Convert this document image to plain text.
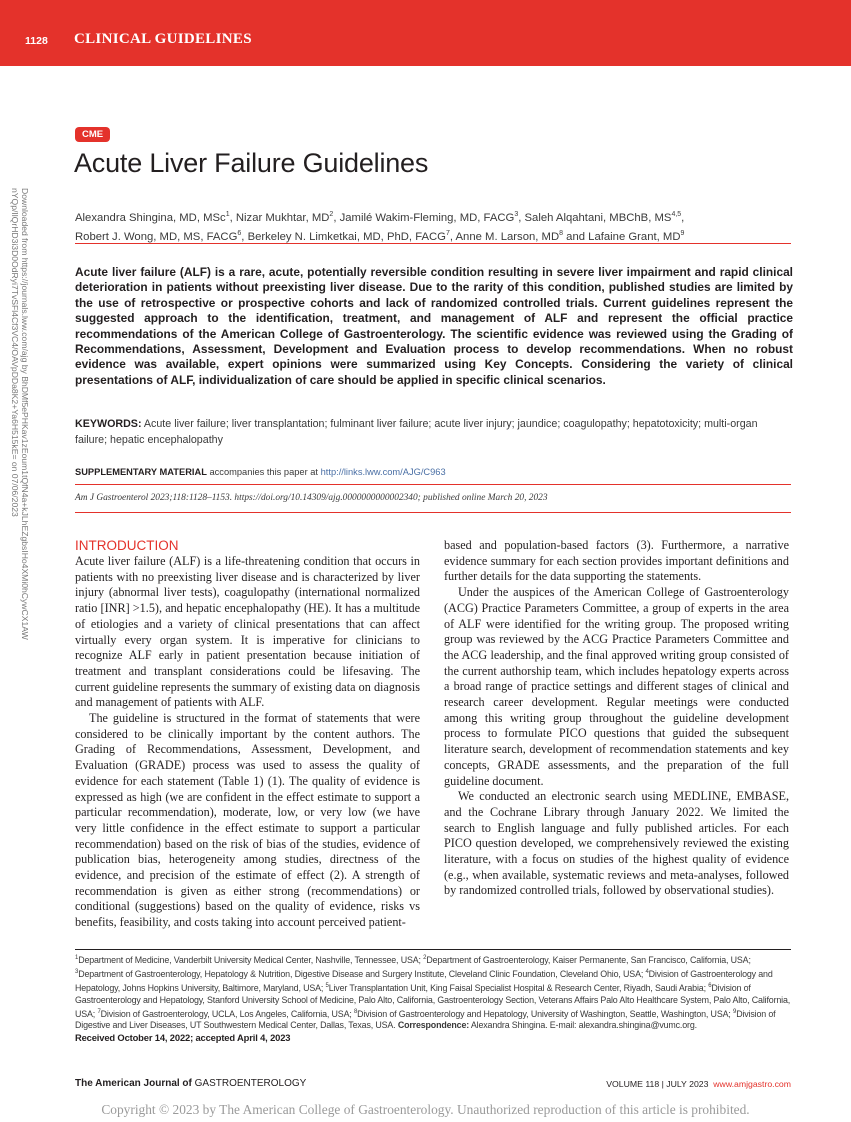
1128 CLINICAL GUIDELINES
Downloaded from https://journals.lww.com/ajg by BhDMf5ePHKav1zEoum1tQfN4a+kJLhEZgbsIHo4XMi0hCywCX1AW
nYQp/IlQrHD3i3D0OdRyi7TvSFl4Cf3VC4/OAVpDDa8K2+Ya6H515kE= on 07/06/2023
CME
Acute Liver Failure Guidelines
Alexandra Shingina, MD, MSc$^1$, Nizar Mukhtar, $MD^2$, Jamilé Wakim-Fleming, MD, FACG$^3$, Saleh Alqahtani, MBChB, MS$^{4,5}$,
Robert J. Wong, MD, MS, FACG$^6$, Berkeley N. Limketkai, MD, PhD, FACG$^7$, Anne M. Larson, $MD^8$ and Lafaine Grant, $MD^9$

Acute liver failure (ALF) is a rare, acute, potentially reversible condition resulting in severe liver impairment and rapid clinical deterioration in patients without preexisting liver disease. Due to the rarity of this condition, published studies are limited by the use of retrospective or prospective cohorts and lack of randomized controlled trials. Current guidelines represent the suggested approach to the identification, treatment, and management of ALF and represent the official practice recommendations of the American College of Gastroenterology. The scientific evidence was reviewed using the Grading of Recommendations, Assessment, Development and Evaluation process to develop recommendations. When no robust evidence was available, expert opinions were summarized using Key Concepts. Considering the variety of clinical presentations of ALF, individualization of care should be applied in specific clinical scenarios.

KEYWORDS: Acute liver failure; liver transplantation; fulminant liver failure; acute liver injury; jaundice; coagulopathy; hepatotoxicity; multi-organ failure; hepatic encephalopathy
SUPPLEMENTARY MATERIAL accompanies this paper at http://links.lww.com/AJG/C963
Am J Gastroenterol 2023;118:1128–1153. https://doi.org/10.14309/ajg.0000000000002340; published online March 20, 2023
INTRODUCTION

Acute liver failure (ALF) is a life-threatening condition that occurs in patients with no preexisting liver disease and is characterized by liver injury (abnormal liver tests), coagulopathy (international normalized ratio [INR] >1.5), and hepatic encephalopathy (HE). It has a multitude of etiologies and a variety of clinical presentations that can affect virtually every organ system. It is imperative for clinicians to recognize ALF early in patient presentation because initiation of treatment and transplant considerations could be lifesaving. The current guideline represents the summary of existing data on diagnosis and management of patients with ALF.

The guideline is structured in the format of statements that were considered to be clinically important by the content authors. The Grading of Recommendations, Assessment, Development, and Evaluation (GRADE) process was used to assess the quality of evidence for each statement (Table 1) (1). The quality of evidence is expressed as high (we are confident in the effect estimate to support a particular recommendation), moderate, low, or very low (we have very little confidence in the effect estimate to support a particular recommendation) based on the risk of bias of the studies, evidence of publication bias, heterogeneity among studies, directness of the evidence, and precision of the estimate of effect (2). A strength of recommendation is given as either strong (recommendations) or conditional (suggestions) based on the quality of evidence, risks vs benefits, feasibility, and costs taking into account perceived patient-

based and population-based factors (3). Furthermore, a narrative evidence summary for each section provides important definitions and further details for the data supporting the statements.

Under the auspices of the American College of Gastroenterology (ACG) Practice Parameters Committee, a group of experts in the area of ALF were identified for the writing group. The proposed writing group was reviewed by the ACG Practice Parameters Committee and the ACG leadership, and the final approved writing group consisted of the current authorship team, which includes hepatology experts across a broad range of practice settings and different stages of clinical and research career development. Regular meetings were conducted among this writing group throughout the guideline development process to formulate PICO questions that guided the subsequent literature search, development of recommendation statements and key concepts, GRADE assessments, and the preparation of the full guideline document.

We conducted an electronic search using MEDLINE, EMBASE, and the Cochrane Library through January 2022. We limited the search to English language and fully published articles. For each PICO question developed, we comprehensively reviewed the existing literature, with a focus on studies of the highest quality of evidence (e.g., when available, systematic reviews and meta-analyses, followed by randomized controlled trials, followed by observational studies).

$^1$Department of Medicine, Vanderbilt University Medical Center, Nashville, Tennessee, USA; $^2$Department of Gastroenterology, Kaiser Permanente, San Francisco, California, USA; $^3$Department of Gastroenterology, Hepatology & Nutrition, Digestive Disease and Surgery Institute, Cleveland Clinic Foundation, Cleveland Ohio, USA; $^4$Division of Gastroenterology and Hepatology, Johns Hopkins University, Baltimore, Maryland, USA; $^5$Liver Transplantation Unit, King Faisal Specialist Hospital & Research Center, Riyadh, Saudi Arabia; $^6$Division of Gastroenterology and Hepatology, Stanford University School of Medicine, Palo Alto, California, Gastroenterology Section, Veterans Affairs Palo Alto Healthcare System, Palo Alto, California, USA; $^7$Division of Gastroenterology, UCLA, Los Angeles, California, USA; $^8$Division of Gastroenterology and Hepatology, University of Washington, Seattle, Washington, USA; $^9$Division of Digestive and Liver Diseases, UT Southwestern Medical Center, Dallas, Texas, USA. Correspondence: Alexandra Shingina. E-mail: alexandra.shingina@vumc.org.
Received October 14, 2022; accepted April 4, 2023
The American Journal of GASTROENTEROLOGY	VOLUME 118 | JULY 2023 www.amjgastro.com
Copyright © 2023 by The American College of Gastroenterology. Unauthorized reproduction of this article is prohibited.
